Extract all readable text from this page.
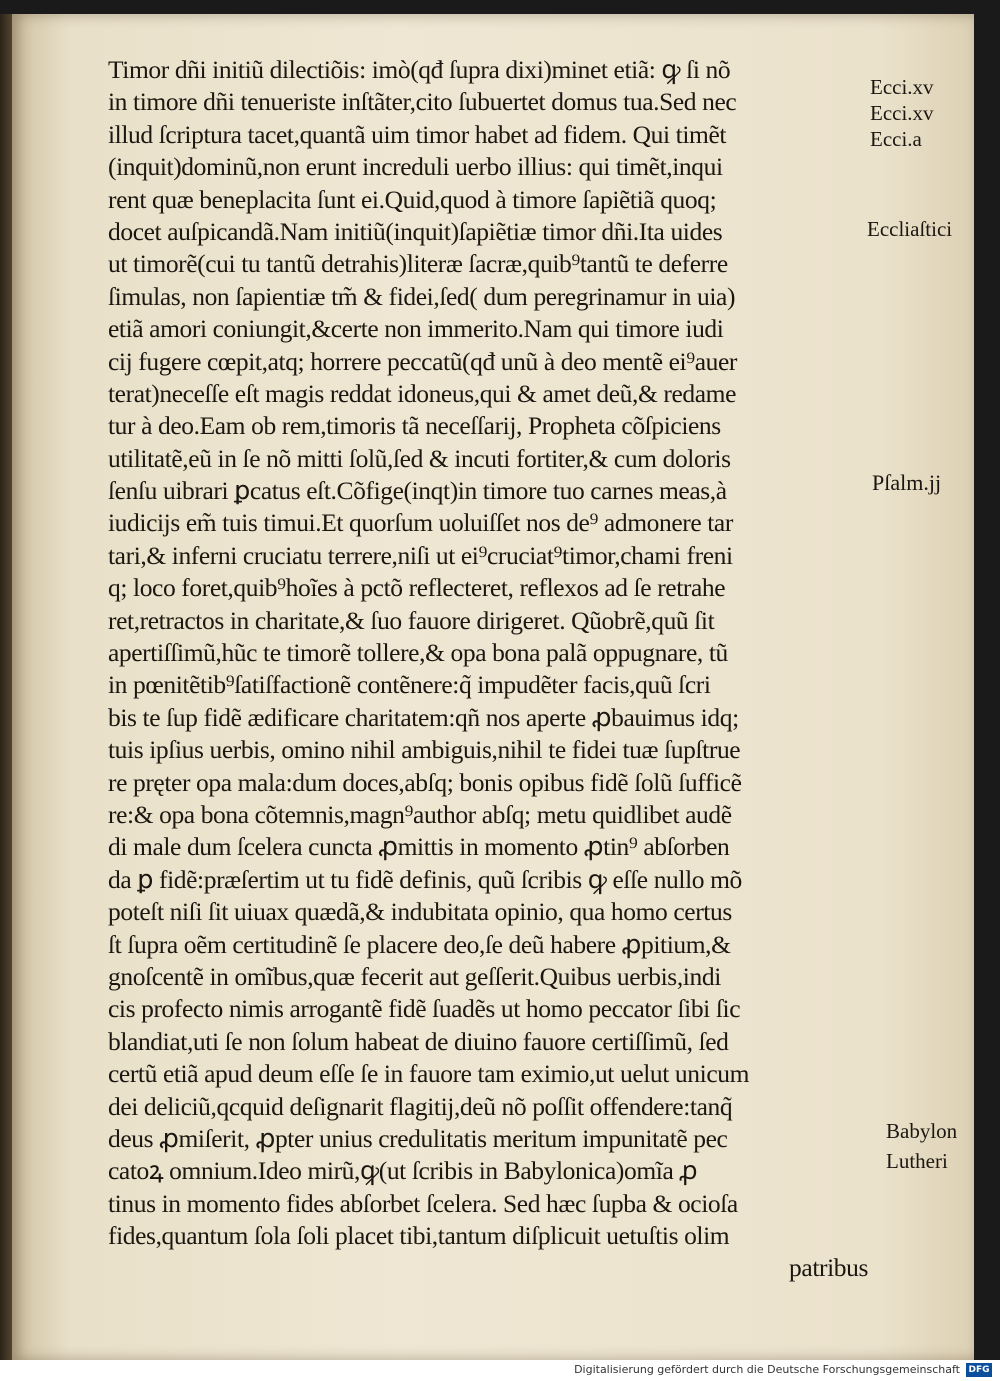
Timor dñi initiũ dilectiõis: imò(qđ ſupra dixi)minet etiã: ꝙ ſi nõ
in timore dñi tenueriste inſtãter,cito ſubuertet domus tua.Sed nec
illud ſcriptura tacet,quantã uim timor habet ad fidem. Qui timẽt
(inquit)dominũ,non erunt increduli uerbo illius: qui timẽt,inqui
rent quæ beneplacita ſunt ei.Quid,quod à timore ſapiẽtiã quoq;
docet auſpicandã.Nam initiũ(inquit)ſapiẽtiæ timor dñi.Ita uides
ut timorẽ(cui tu tantũ detrahis)literæ ſacræ,quib⁹tantũ te deferre
ſimulas, non ſapientiæ tm̃ & fidei,ſed( dum peregrinamur in uia)
etiã amori coniungit,&certe non immerito.Nam qui timore iudi
cij fugere cœpit,atq; horrere peccatũ(qđ unũ à deo mentẽ ei⁹auer
terat)neceſſe eſt magis reddat idoneus,qui & amet deũ,& redame
tur à deo.Eam ob rem,timoris tã neceſſarij, Propheta cõſpiciens
utilitatẽ,eũ in ſe nõ mitti ſolũ,ſed & incuti fortiter,& cum doloris
ſenſu uibrari ꝑcatus eſt.Cõfige(inqt)in timore tuo carnes meas,à
iudicijs em̃ tuis timui.Et quorſum uoluiſſet nos de⁹ admonere tar
tari,& inferni cruciatu terrere,niſi ut ei⁹cruciat⁹timor,chami freni
q; loco foret,quib⁹hoĩes à pctõ reflecteret, reflexos ad ſe retrahe
ret,retractos in charitate,& ſuo fauore dirigeret. Qũobrẽ,quũ ſit
apertiſſimũ,hũc te timorẽ tollere,& opa bona palã oppugnare, tũ
in pœnitẽtib⁹ſatiſfactionẽ contẽnere:q̃ impudẽter facis,quũ ſcri
bis te ſup fidẽ ædificare charitatem:qñ nos aperte ꝓbauimus idq;
tuis ipſius uerbis, omino nihil ambiguis,nihil te fidei tuæ ſupſtrue
re pręter opa mala:dum doces,abſq; bonis opibus fidẽ ſolũ ſufficẽ
re:& opa bona cõtemnis,magn⁹author abſq; metu quidlibet audẽ
di male dum ſcelera cuncta ꝓmittis in momento ꝓtin⁹ abſorben
da ꝑ fidẽ:præſertim ut tu fidẽ definis, quũ ſcribis ꝙ eſſe nullo mõ
poteſt niſi ſit uiuax quædã,& indubitata opinio, qua homo certus
ſt ſupra oẽm certitudinẽ ſe placere deo,ſe deũ habere ꝓpitium,&
gnoſcentẽ in omĩbus,quæ fecerit aut geſſerit.Quibus uerbis,indi
cis profecto nimis arrogantẽ fidẽ ſuadẽs ut homo peccator ſibi ſic
blandiat,uti ſe non ſolum habeat de diuino fauore certiſſimũ, ſed
certũ etiã apud deum eſſe ſe in fauore tam eximio,ut uelut unicum
dei deliciũ,qcquid deſignarit flagitij,deũ nõ poſſit offendere:tanq̃
deus ꝓmiſerit, ꝓpter unius credulitatis meritum impunitatẽ pec
catoꝝ omnium.Ideo mirũ,ꝙ(ut ſcribis in Babylonica)omĩa ꝓ
tinus in momento fides abſorbet ſcelera. Sed hæc ſupba & ocioſa
fides,quantum ſola ſoli placet tibi,tantum diſplicuit uetuſtis olim
patribus
Ecci.xv
Ecci.xv
Ecci.a
Eccliaſtici
Pſalm.jj
Babylon
Lutheri
Digitalisierung gefördert durch die Deutsche Forschungsgemeinschaft DFG
